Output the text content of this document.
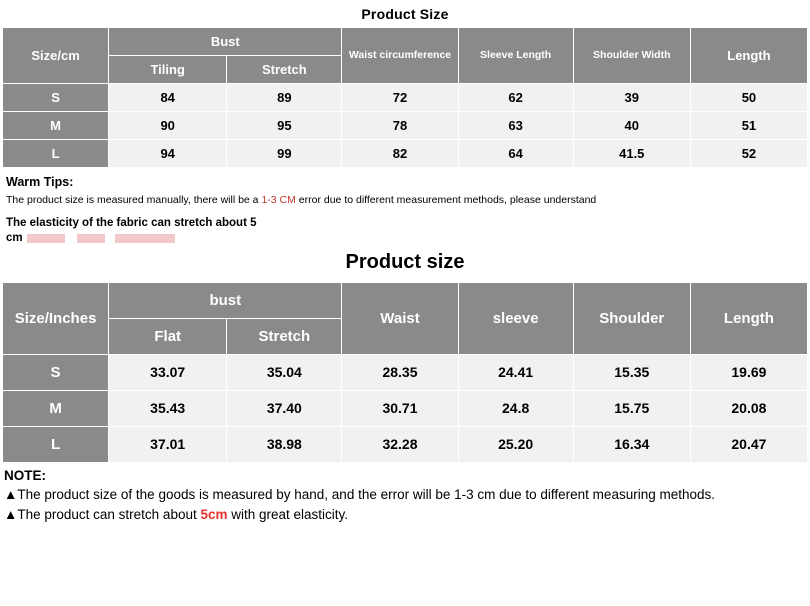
Product Size
Size/cm	Bust		Waist circumference	Sleeve Length	Shoulder Width	Length
	Tiling	Stretch				
S	84	89	72	62	39	50
M	90	95	78	63	40	51
L	94	99	82	64	41.5	52
Warm Tips:
The product size is measured manually, there will be a 1-3 CM error due to different measurement methods, please understand
The elasticity of the fabric can stretch about 5
cm
Product size
Size/Inches	bust		Waist	sleeve	Shoulder	Length
	Flat	Stretch				
S	33.07	35.04	28.35	24.41	15.35	19.69
M	35.43	37.40	30.71	24.8	15.75	20.08
L	37.01	38.98	32.28	25.20	16.34	20.47
NOTE:
▲The product size of the goods is measured by hand, and the error will be 1-3 cm due to different measuring methods.
▲The product can stretch about 5cm with great elasticity.
